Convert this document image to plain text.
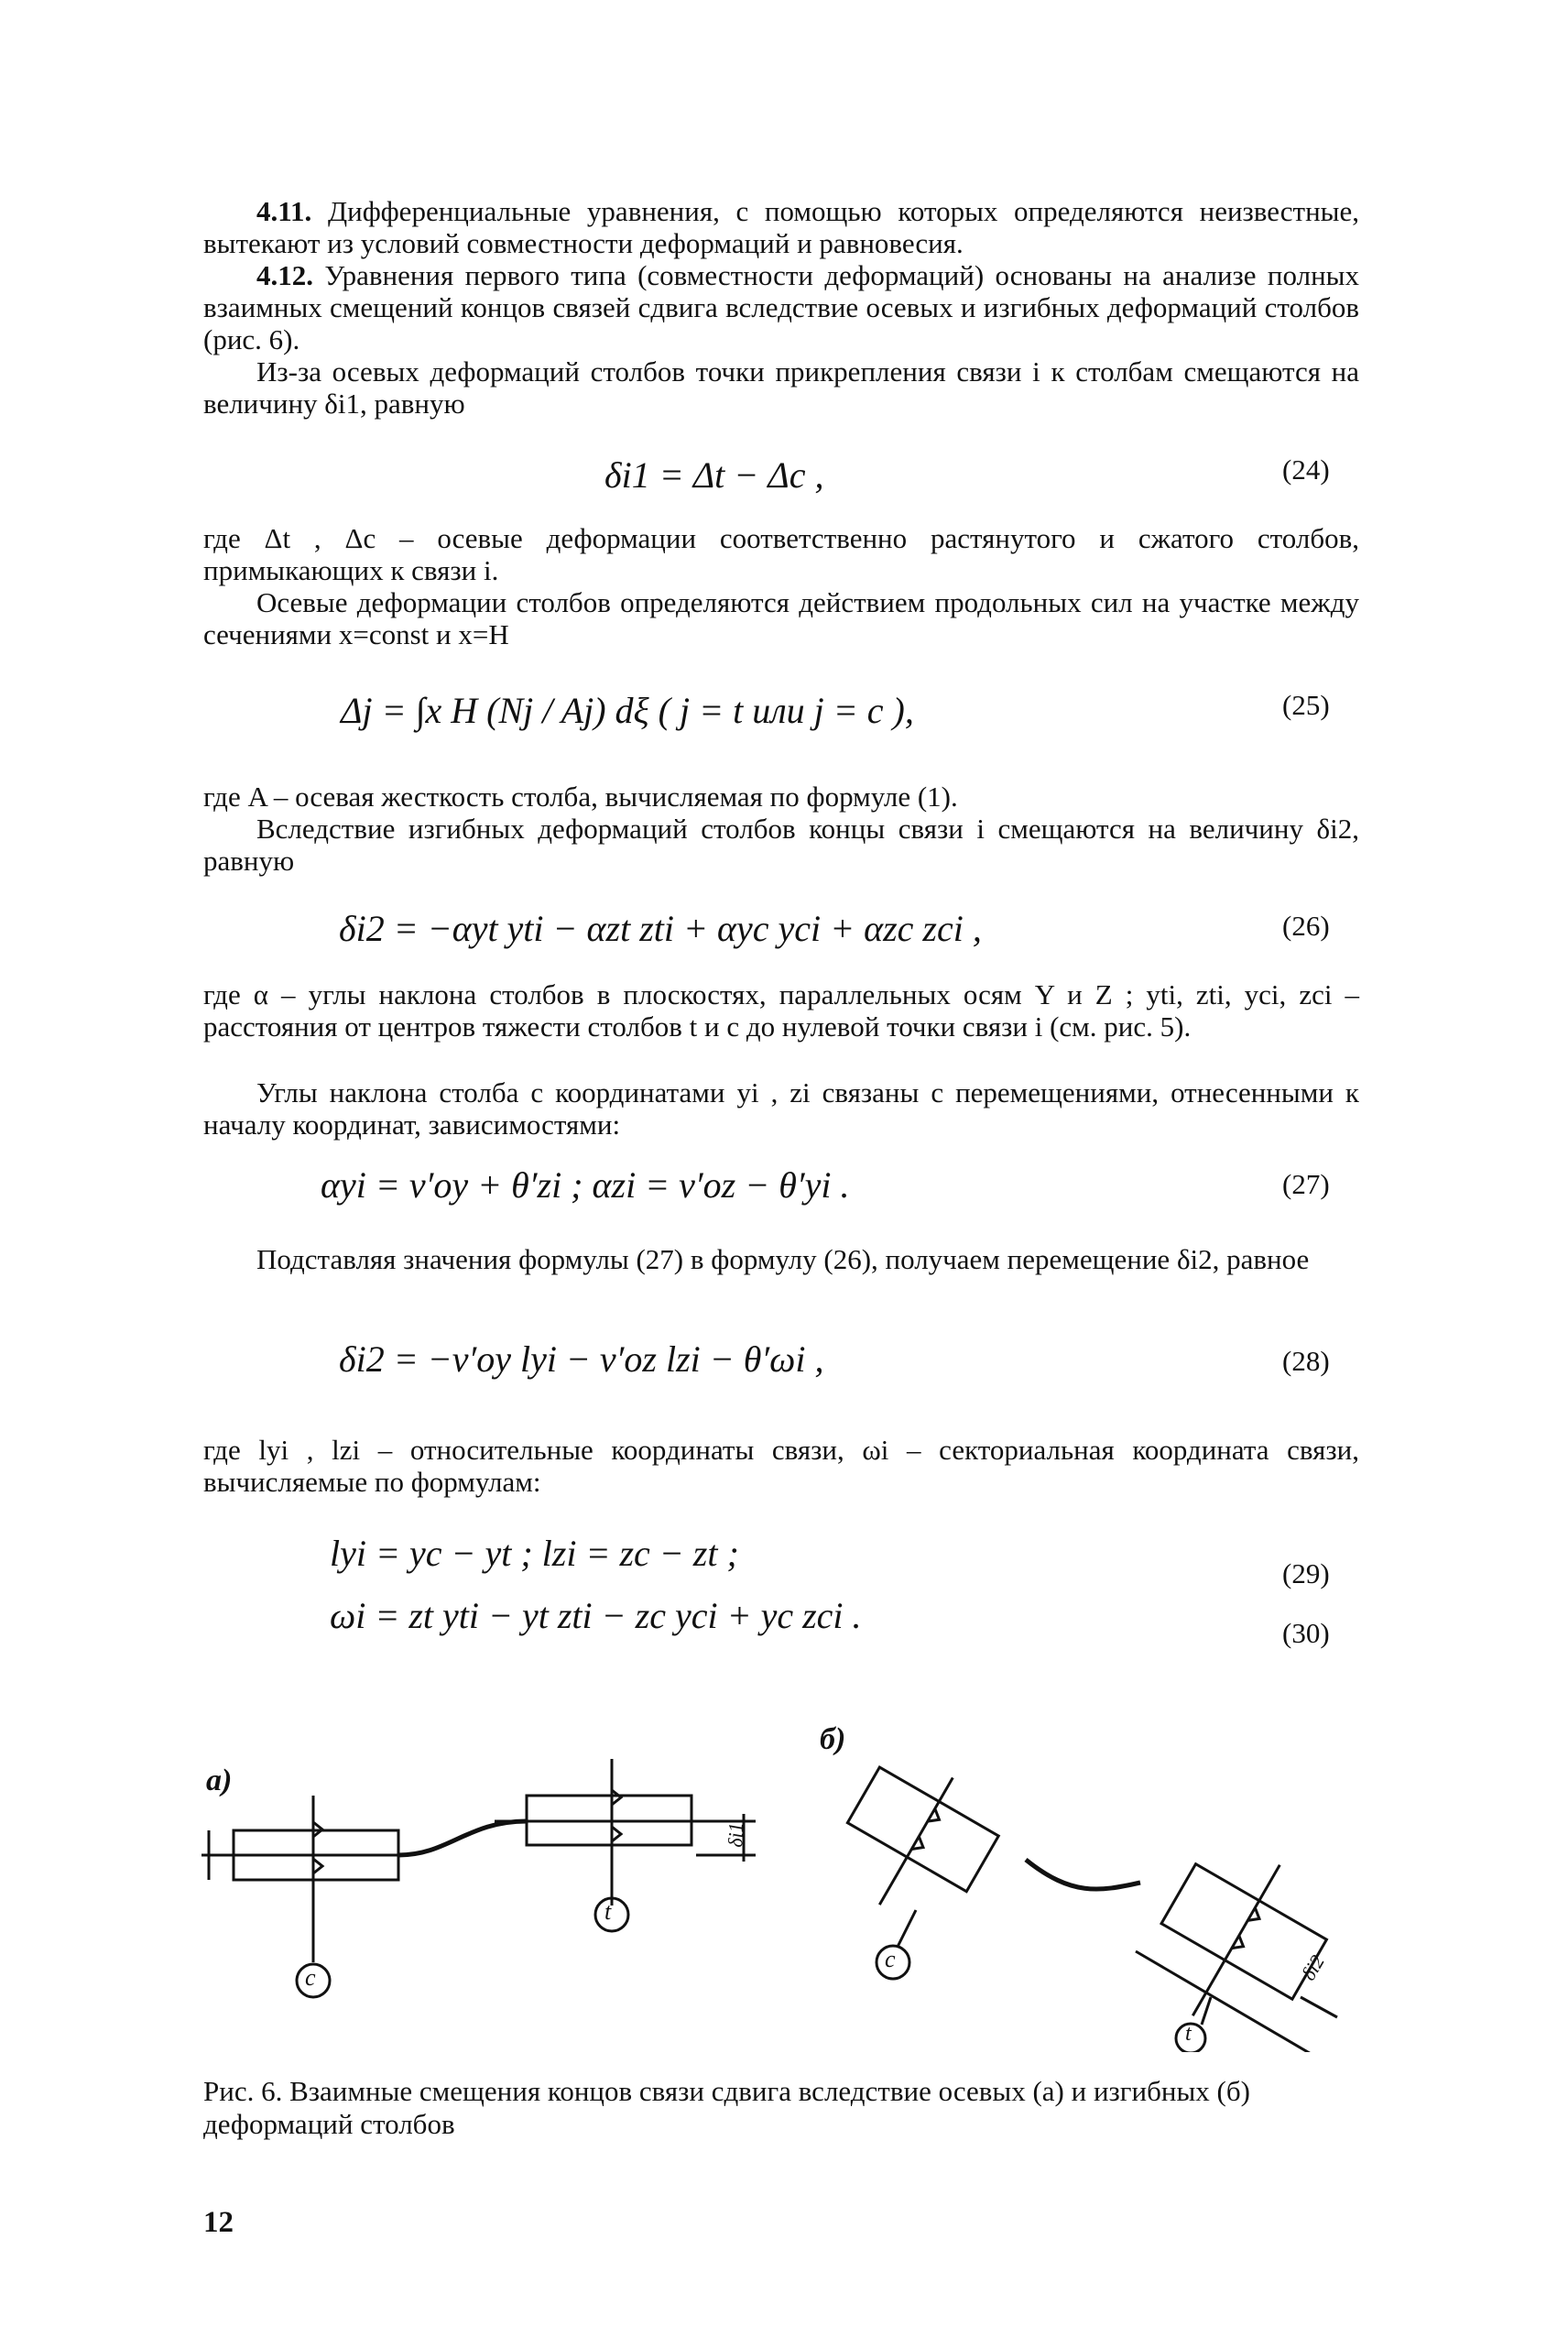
4.11. Дифференциальные уравнения, с помощью которых определяются неизвестные, вытекают из условий совместности деформаций и равновесия.
4.12. Уравнения первого типа (совместности деформаций) основаны на анализе полных взаимных смещений концов связей сдвига вследствие осевых и изгибных деформаций столбов (рис. 6).
Из-за осевых деформаций столбов точки прикрепления связи i к столбам смещаются на величину δi1, равную
δi1 = Δt − Δc ,	(24)
где Δt , Δc – осевые деформации соответственно растянутого и сжатого столбов, примыкающих к связи i.
Осевые деформации столбов определяются действием продольных сил на участке между сечениями x=const и x=H
Δj = ∫x H (Nj / Aj) dξ ( j = t или j = c ),	(25)
где A – осевая жесткость столба, вычисляемая по формуле (1).
Вследствие изгибных деформаций столбов концы связи i смещаются на величину δi2, равную
δi2 = −αyt yti − αzt zti + αyc yci + αzc zci ,	(26)
где α – углы наклона столбов в плоскостях, параллельных осям Y и Z ; yti, zti, yci, zci – расстояния от центров тяжести столбов t и c до нулевой точки связи i (см. рис. 5).
Углы наклона столба с координатами yi , zi связаны с перемещениями, отнесенными к началу координат, зависимостями:
αyi = v′oy + θ′zi ; αzi = v′oz − θ′yi .	(27)
Подставляя значения формулы (27) в формулу (26), получаем перемещение δi2, равное
δi2 = −v′oy lyi − v′oz lzi − θ′ωi ,	(28)
где lyi , lzi – относительные координаты связи, ωi – секториальная координата связи, вычисляемые по формулам:
lyi = yc − yt ; lzi = zc − zt ;	(29)
ωi = zt yti − yt zti − zc yci + yc zci .	(30)
a)
б)
c
t
c
t
δi1
δi2
Рис. 6. Взаимные смещения концов связи сдвига вследствие осевых (а) и изгибных (б) деформаций столбов
12
